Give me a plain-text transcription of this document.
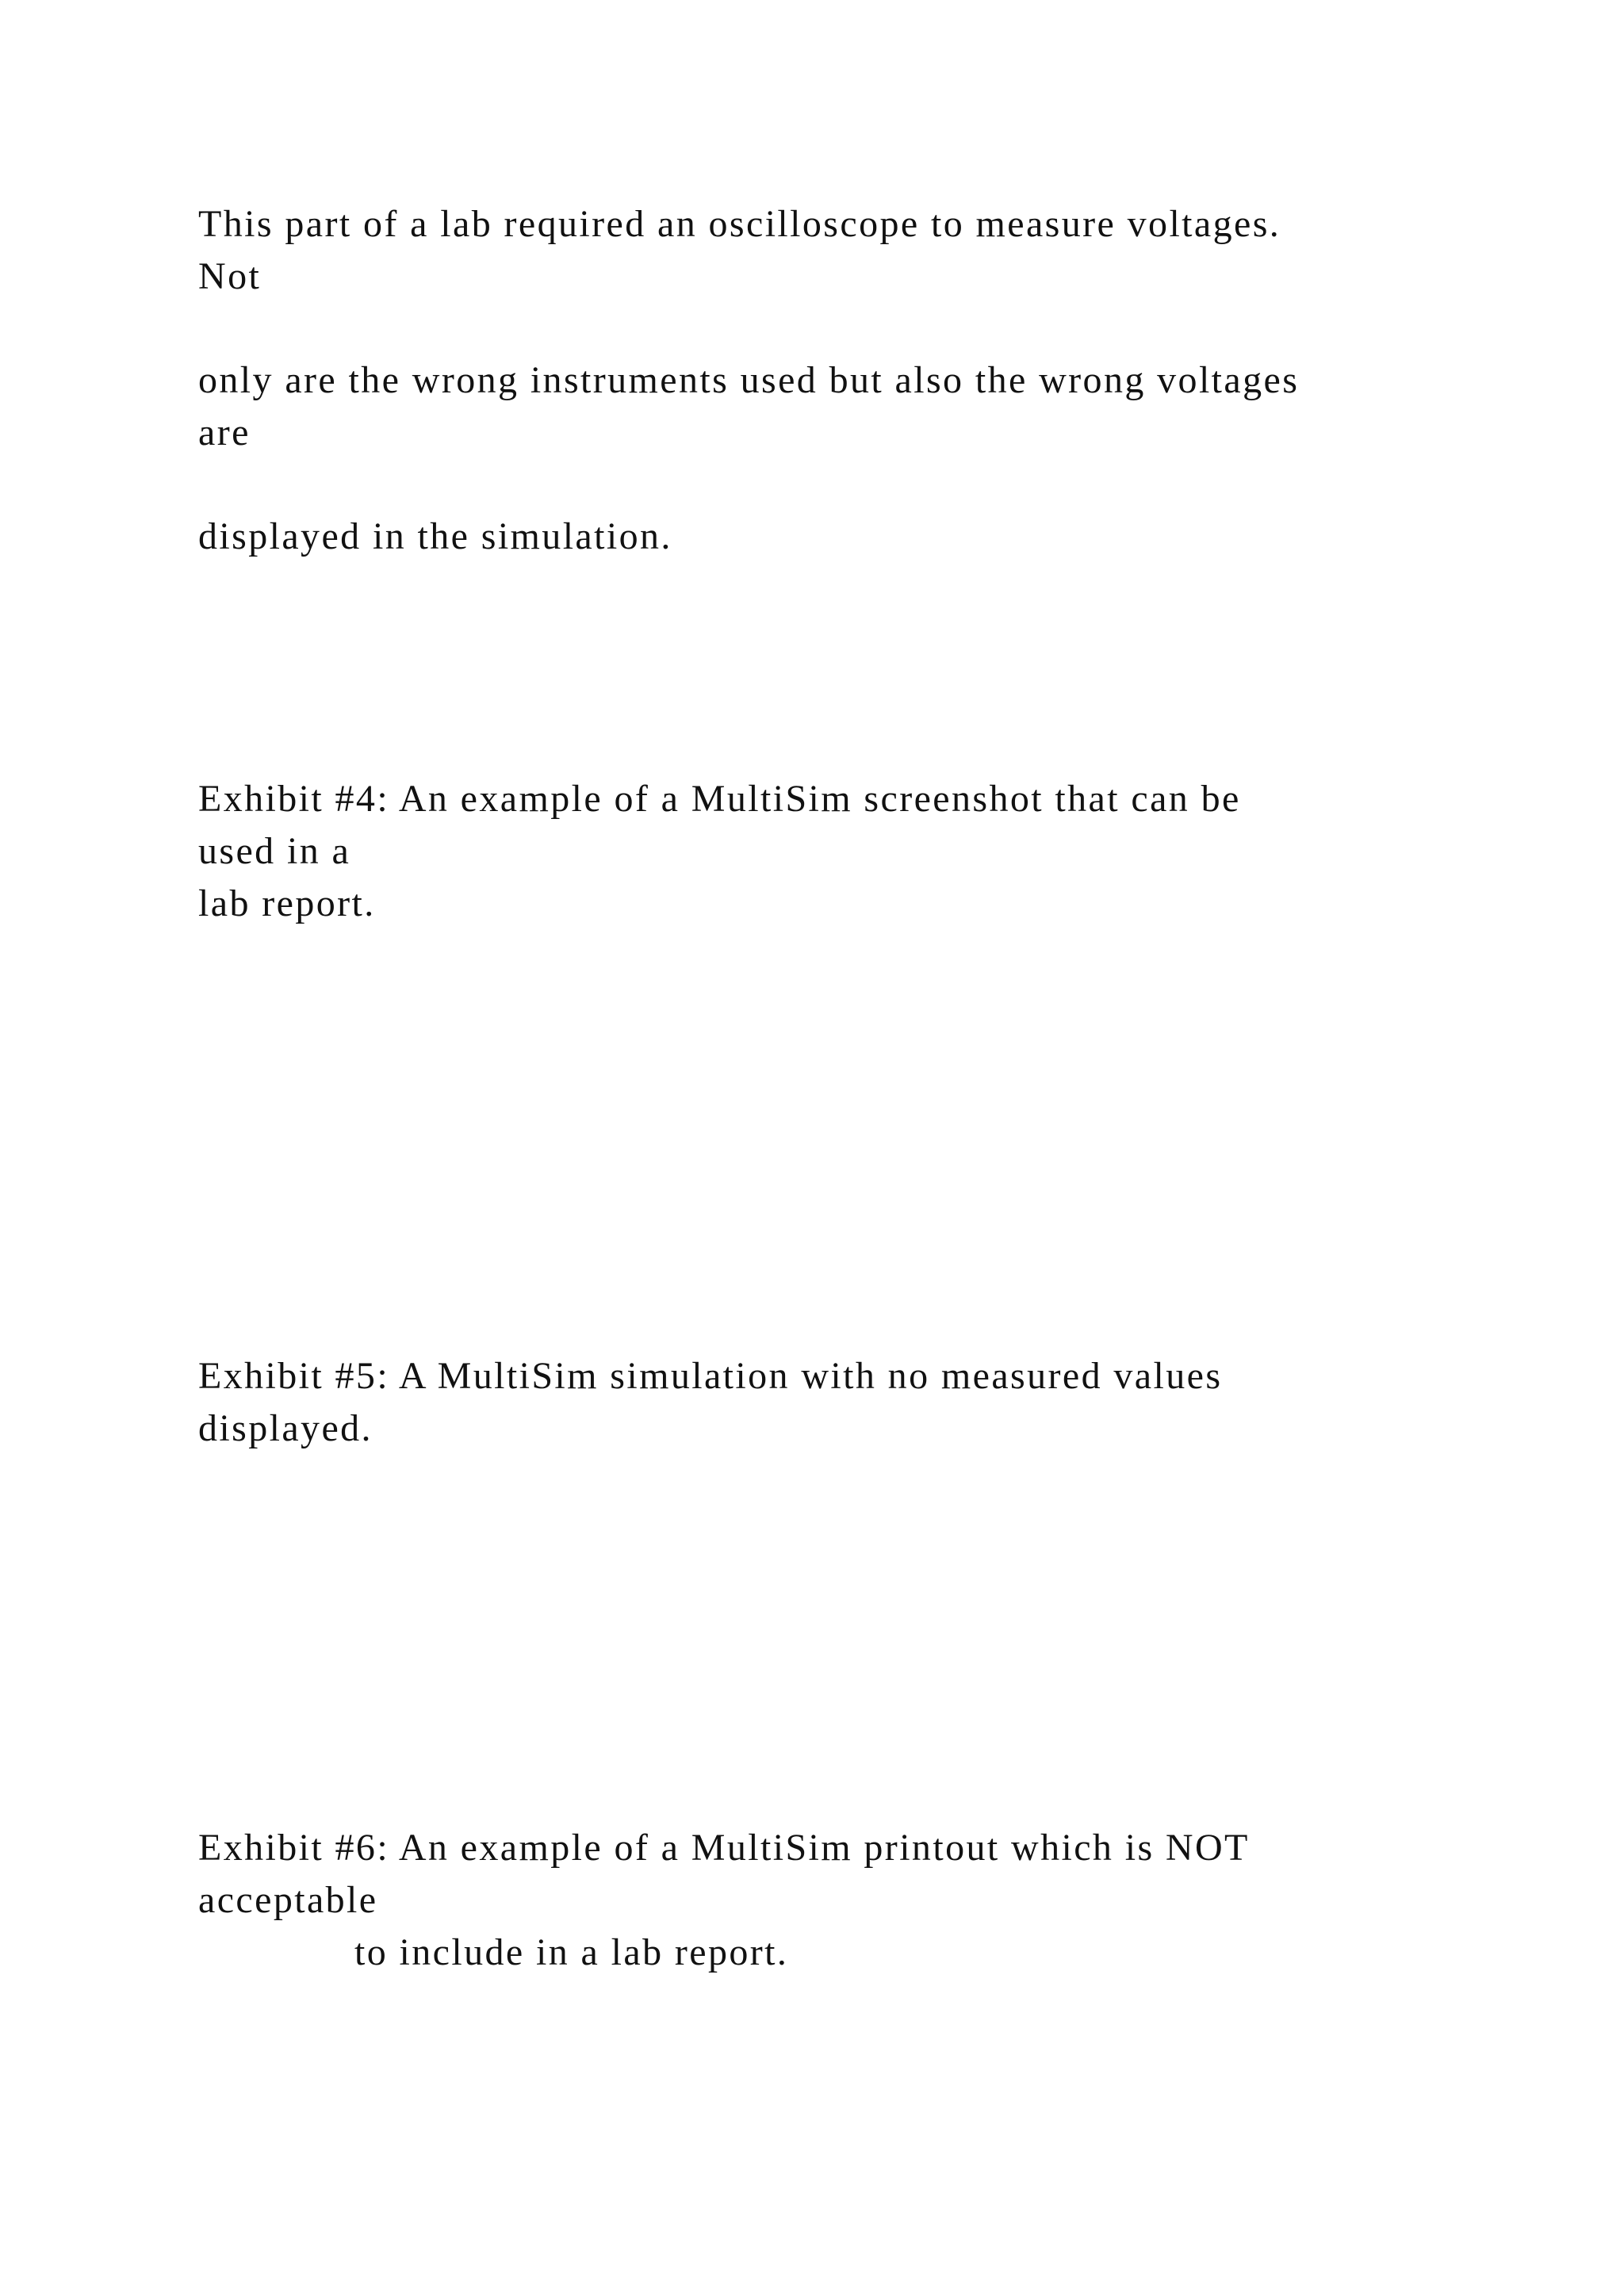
This part of a lab required an oscilloscope to measure voltages.

Not

only are the wrong instruments used but also the wrong voltages

are

displayed in the simulation.

Exhibit #4: An example of a MultiSim screenshot that can be

used in a

lab report.

Exhibit #5: A MultiSim simulation with no measured values

displayed.

Exhibit #6: An example of a MultiSim printout which is NOT

acceptable

to include in a lab report.
